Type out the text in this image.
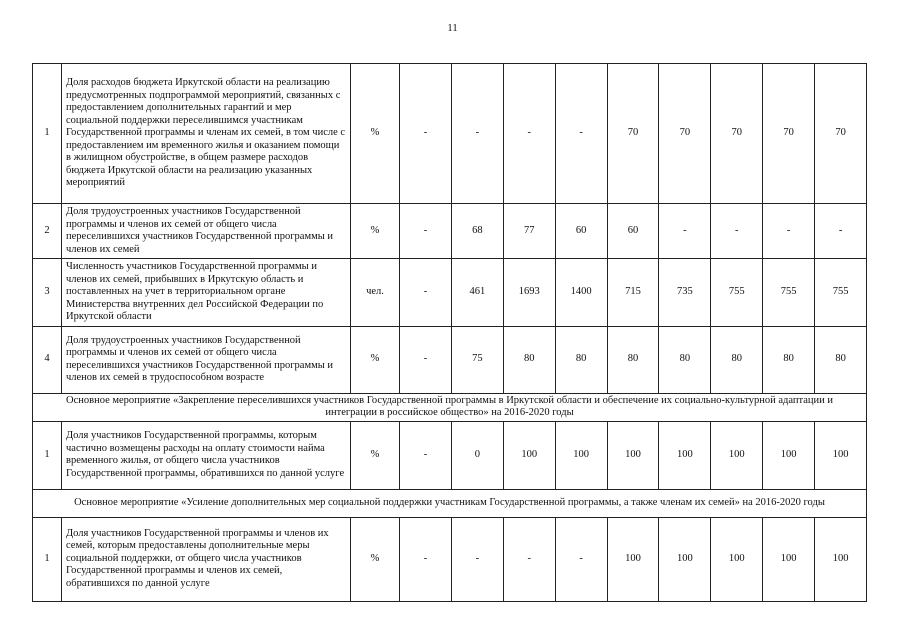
11
1	Доля расходов бюджета Иркутской области на реализацию предусмотренных подпрограммой мероприятий, связанных с предоставлением дополнительных гарантий и мер социальной поддержки переселившимся участникам Государственной программы и членам их семей, в том числе с предоставлением им временного жилья и оказанием помощи в жилищном обустройстве, в общем размере расходов бюджета Иркутской области на реализацию указанных мероприятий	%	-	-	-	-	70	70	70	70	70
2	Доля трудоустроенных участников Государственной программы и членов их семей от общего числа переселившихся участников Государственной программы и членов их семей	%	-	68	77	60	60	-	-	-	-
3	Численность участников Государственной программы и членов их семей, прибывших в Иркутскую область и поставленных на учет в территориальном органе Министерства внутренних дел Российской Федерации по Иркутской области	чел.	-	461	1693	1400	715	735	755	755	755
4	Доля трудоустроенных участников Государственной программы и членов их семей от общего числа переселившихся участников Государственной программы и членов их семей в трудоспособном возрасте	%	-	75	80	80	80	80	80	80	80
Основное мероприятие «Закрепление переселившихся участников Государственной программы в Иркутской области и обеспечение их социально-культурной адаптации и интеграции в российское общество» на 2016-2020 годы											
1	Доля участников Государственной программы, которым частично возмещены расходы на оплату стоимости найма временного жилья, от общего числа участников Государственной программы, обратившихся по данной услуге	%	-	0	100	100	100	100	100	100	100
Основное мероприятие «Усиление дополнительных мер социальной поддержки участникам Государственной программы, а также членам их семей» на 2016-2020 годы											
1	Доля участников Государственной программы и членов их семей, которым предоставлены дополнительные меры социальной поддержки, от общего числа участников Государственной программы и членов их семей, обратившихся по данной услуге	%	-	-	-	-	100	100	100	100	100
